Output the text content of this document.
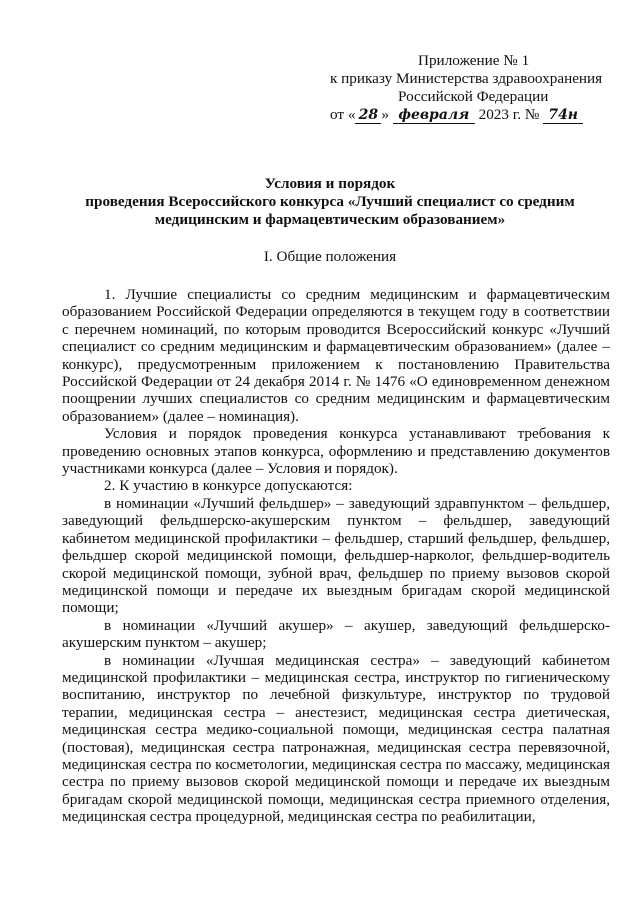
Приложение № 1
к приказу Министерства здравоохранения
Российской Федерации
от « 28 » февраля 2023 г. № 74н
Условия и порядок
проведения Всероссийского конкурса «Лучший специалист со средним
медицинским и фармацевтическим образованием»
I. Общие положения

1. Лучшие специалисты со средним медицинским и фармацевтическим образованием Российской Федерации определяются в текущем году в соответствии с перечнем номинаций, по которым проводится Всероссийский конкурс «Лучший специалист со средним медицинским и фармацевтическим образованием» (далее – конкурс), предусмотренным приложением к постановлению Правительства Российской Федерации от 24 декабря 2014 г. № 1476 «О единовременном денежном поощрении лучших специалистов со средним медицинским и фармацевтическим образованием» (далее – номинация).

Условия и порядок проведения конкурса устанавливают требования к проведению основных этапов конкурса, оформлению и представлению документов участниками конкурса (далее – Условия и порядок).

2. К участию в конкурсе допускаются:

в номинации «Лучший фельдшер» – заведующий здравпунктом – фельдшер, заведующий фельдшерско-акушерским пунктом – фельдшер, заведующий кабинетом медицинской профилактики – фельдшер, старший фельдшер, фельдшер, фельдшер скорой медицинской помощи, фельдшер-нарколог, фельдшер-водитель скорой медицинской помощи, зубной врач, фельдшер по приему вызовов скорой медицинской помощи и передаче их выездным бригадам скорой медицинской помощи;

в номинации «Лучший акушер» – акушер, заведующий фельдшерско-акушерским пунктом – акушер;

в номинации «Лучшая медицинская сестра» – заведующий кабинетом медицинской профилактики – медицинская сестра, инструктор по гигиеническому воспитанию, инструктор по лечебной физкультуре, инструктор по трудовой терапии, медицинская сестра – анестезист, медицинская сестра диетическая, медицинская сестра медико-социальной помощи, медицинская сестра палатная (постовая), медицинская сестра патронажная, медицинская сестра перевязочной, медицинская сестра по косметологии, медицинская сестра по массажу, медицинская сестра по приему вызовов скорой медицинской помощи и передаче их выездным бригадам скорой медицинской помощи, медицинская сестра приемного отделения, медицинская сестра процедурной, медицинская сестра по реабилитации,
